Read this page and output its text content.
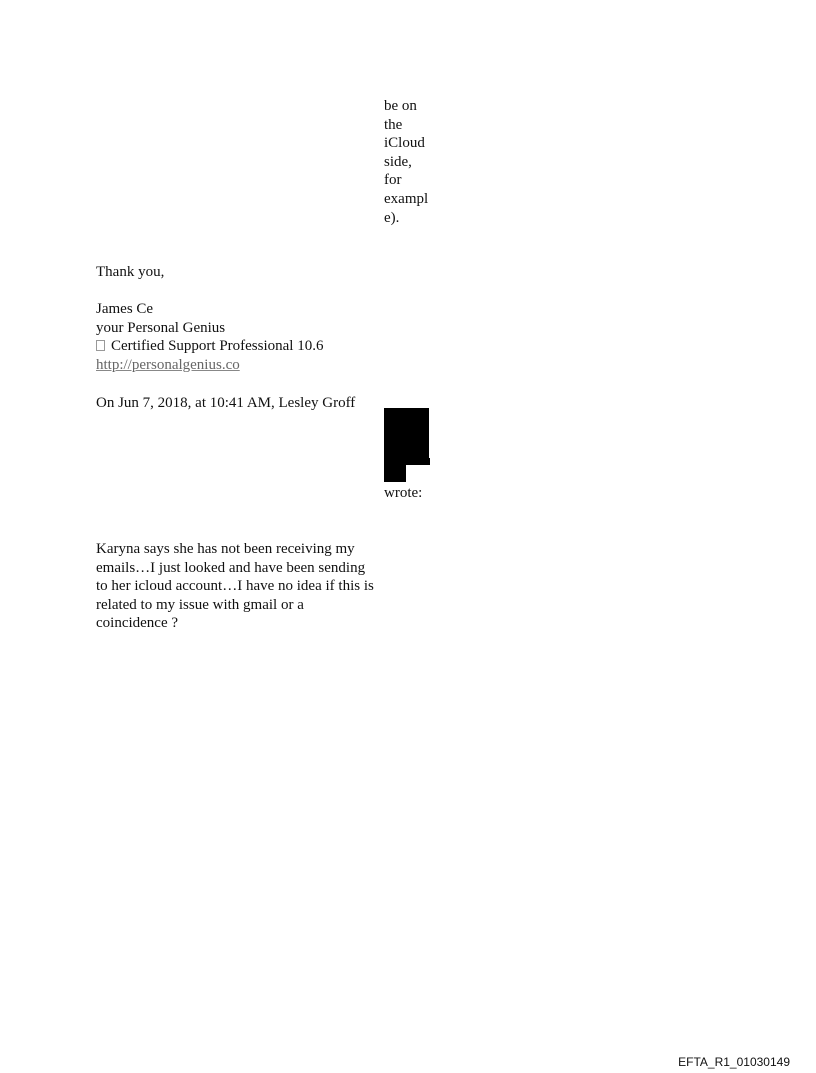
be on
the
iCloud
side,
for
exampl
e).
Thank you,
James Ce
your Personal Genius
Certified Support Professional 10.6
http://personalgenius.co
On Jun 7, 2018, at 10:41 AM, Lesley Groff
wrote:
Karyna says she has not been receiving my
emails…I just looked and have been sending
to her icloud account…I have no idea if this is
related to my issue with gmail or a
coincidence ?
EFTA_R1_01030149
